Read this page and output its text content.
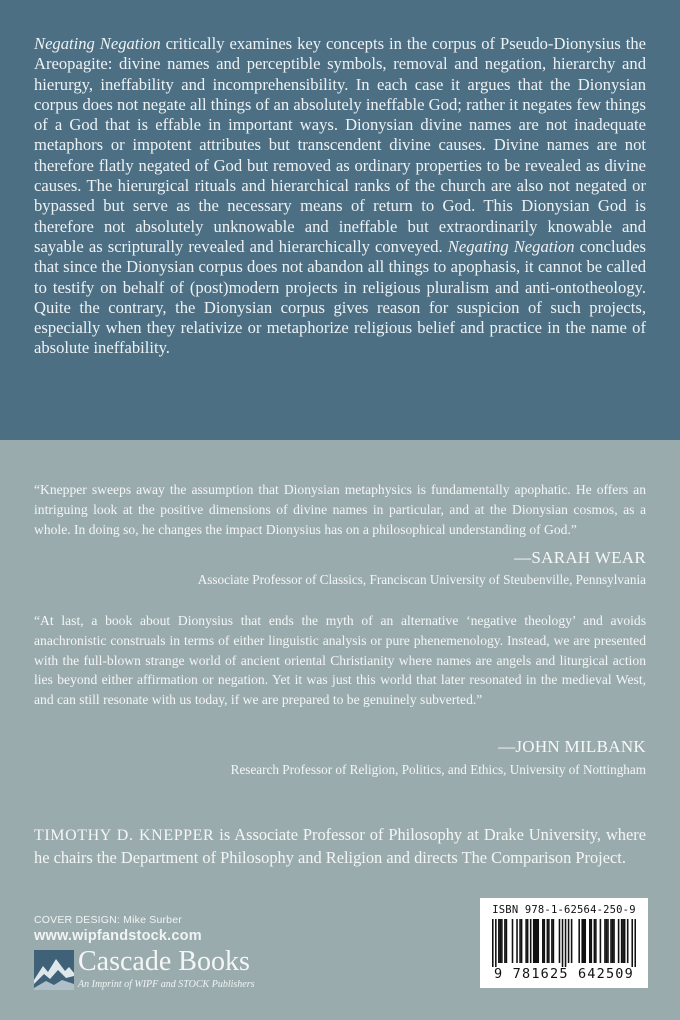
Negating Negation critically examines key concepts in the corpus of Pseudo-Dionysius the Areopagite: divine names and perceptible symbols, removal and negation, hierarchy and hierurgy, ineffability and incomprehensibility. In each case it argues that the Dionysian corpus does not negate all things of an absolutely ineffable God; rather it negates few things of a God that is effable in important ways. Dionysian divine names are not inadequate metaphors or impotent attributes but transcendent divine causes. Divine names are not therefore flatly negated of God but removed as ordinary properties to be revealed as divine causes. The hierurgical rituals and hierarchical ranks of the church are also not negated or bypassed but serve as the necessary means of return to God. This Dionysian God is therefore not absolutely unknowable and ineffable but extraordinarily knowable and sayable as scripturally revealed and hierarchically conveyed. Negating Negation concludes that since the Dionysian corpus does not abandon all things to apophasis, it cannot be called to testify on behalf of (post)modern projects in religious pluralism and anti-ontotheology. Quite the contrary, the Dionysian corpus gives reason for suspicion of such projects, especially when they relativize or metaphorize religious belief and practice in the name of absolute ineffability.

“Knepper sweeps away the assumption that Dionysian metaphysics is fundamentally apophatic. He offers an intriguing look at the positive dimensions of divine names in particular, and at the Dionysian cosmos, as a whole. In doing so, he changes the impact Dionysius has on a philosophical understanding of God.”

—SARAH WEAR
Associate Professor of Classics, Franciscan University of Steubenville, Pennsylvania

“At last, a book about Dionysius that ends the myth of an alternative ‘negative theology’ and avoids anachronistic construals in terms of either linguistic analysis or pure phenemenology. Instead, we are presented with the full-blown strange world of ancient oriental Christianity where names are angels and liturgical action lies beyond either affirmation or negation. Yet it was just this world that later resonated in the medieval West, and can still resonate with us today, if we are prepared to be genuinely subverted.”

—JOHN MILBANK
Research Professor of Religion, Politics, and Ethics, University of Nottingham

TIMOTHY D. KNEPPER is Associate Professor of Philosophy at Drake University, where he chairs the Department of Philosophy and Religion and directs The Comparison Project.

COVER DESIGN: Mike Surber
www.wipfandstock.com
Cascade Books
An Imprint of WIPF and STOCK Publishers
ISBN 978-1-62564-250-9
9 781625 642509
